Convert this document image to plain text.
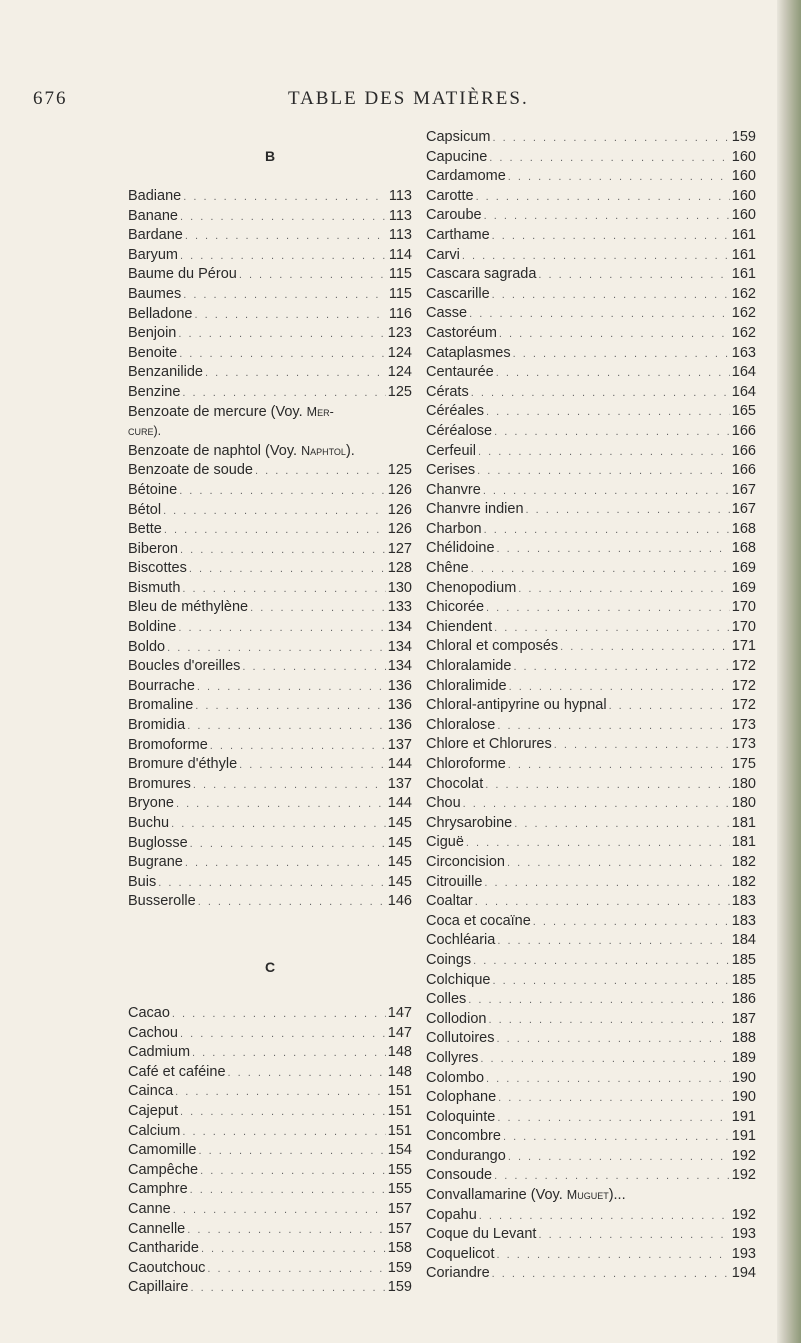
676	TABLE DES MATIÈRES.
B
Badiane . . .	113
Banane . . .	113
Bardane . . .	113
Baryum . . .	114
Baume du Pérou . . .	115
Baumes . . .	115
Belladone . . .	116
Benjoin . . .	123
Benoite . . .	124
Benzanilide . . .	124
Benzine . . .	125
Benzoate de mercure (Voy. Mer-
cure).
Benzoate de naphtol (Voy. Naphtol).
Benzoate de soude . . .	125
Bétoine . . .	126
Bétol . . .	126
Bette . . .	126
Biberon . . .	127
Biscottes . . .	128
Bismuth . . .	130
Bleu de méthylène . . .	133
Boldine . . .	134
Boldo . . .	134
Boucles d'oreilles . . .	134
Bourrache . . .	136
Bromaline . . .	136
Bromidia . . .	136
Bromoforme . . .	137
Bromure d'éthyle . . .	144
Bromures . . .	137
Bryone . . .	144
Buchu . . .	145
Buglosse . . .	145
Bugrane . . .	145
Buis . . .	145
Busserolle . . .	146
C
Cacao . . .	147
Cachou . . .	147
Cadmium . . .	148
Café et caféine . . .	148
Cainca . . .	151
Cajeput . . .	151
Calcium . . .	151
Camomille . . .	154
Campêche . . .	155
Camphre . . .	155
Canne . . .	157
Cannelle . . .	157
Cantharide . . .	158
Caoutchouc . . .	159
Capillaire . . .	159
Capsicum . . .	159
Capucine . . .	160
Cardamome . . .	160
Carotte . . .	160
Caroube . . .	160
Carthame . . .	161
Carvi . . .	161
Cascara sagrada . . .	161
Cascarille . . .	162
Casse . . .	162
Castoréum . . .	162
Cataplasmes . . .	163
Centaurée . . .	164
Cérats . . .	164
Céréales . . .	165
Céréalose . . .	166
Cerfeuil . . .	166
Cerises . . .	166
Chanvre . . .	167
Chanvre indien . . .	167
Charbon . . .	168
Chélidoine . . .	168
Chêne . . .	169
Chenopodium . . .	169
Chicorée . . .	170
Chiendent . . .	170
Chloral et composés . . .	171
Chloralamide . . .	172
Chloralimide . . .	172
Chloral-antipyrine ou hypnal . . .	172
Chloralose . . .	173
Chlore et Chlorures . . .	173
Chloroforme . . .	175
Chocolat . . .	180
Chou . . .	180
Chrysarobine . . .	181
Ciguë . . .	181
Circoncision . . .	182
Citrouille . . .	182
Coaltar . . .	183
Coca et cocaïne . . .	183
Cochléaria . . .	184
Coings . . .	185
Colchique . . .	185
Colles . . .	186
Collodion . . .	187
Collutoires . . .	188
Collyres . . .	189
Colombo . . .	190
Colophane . . .	190
Coloquinte . . .	191
Concombre . . .	191
Condurango . . .	192
Consoude . . .	192
Convallamarine (Voy. Muguet)...
Copahu . . .	192
Coque du Levant . . .	193
Coquelicot . . .	193
Coriandre . . .	194
